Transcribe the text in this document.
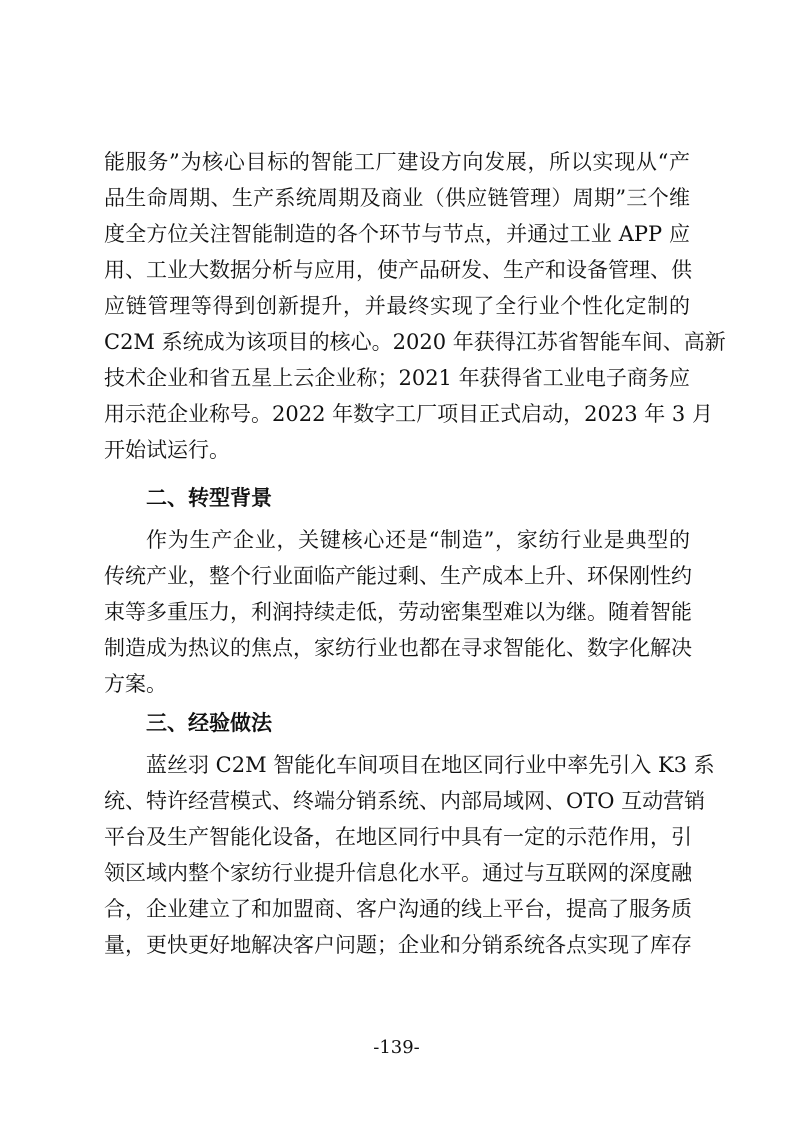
能服务”为核心目标的智能工厂建设方向发展，所以实现从“产
品生命周期、生产系统周期及商业（供应链管理）周期”三个维
度全方位关注智能制造的各个环节与节点，并通过工业 APP 应
用、工业大数据分析与应用，使产品研发、生产和设备管理、供
应链管理等得到创新提升，并最终实现了全行业个性化定制的
C2M 系统成为该项目的核心。2020 年获得江苏省智能车间、高新
技术企业和省五星上云企业称；2021 年获得省工业电子商务应
用示范企业称号。2022 年数字工厂项目正式启动，2023 年 3 月
开始试运行。
二、转型背景
作为生产企业，关键核心还是“制造”，家纺行业是典型的
传统产业，整个行业面临产能过剩、生产成本上升、环保刚性约
束等多重压力，利润持续走低，劳动密集型难以为继。随着智能
制造成为热议的焦点，家纺行业也都在寻求智能化、数字化解决
方案。
三、经验做法
蓝丝羽 C2M 智能化车间项目在地区同行业中率先引入 K3 系
统、特许经营模式、终端分销系统、内部局域网、OTO 互动营销
平台及生产智能化设备，在地区同行中具有一定的示范作用，引
领区域内整个家纺行业提升信息化水平。通过与互联网的深度融
合，企业建立了和加盟商、客户沟通的线上平台，提高了服务质
量，更快更好地解决客户问题；企业和分销系统各点实现了库存
-139-
